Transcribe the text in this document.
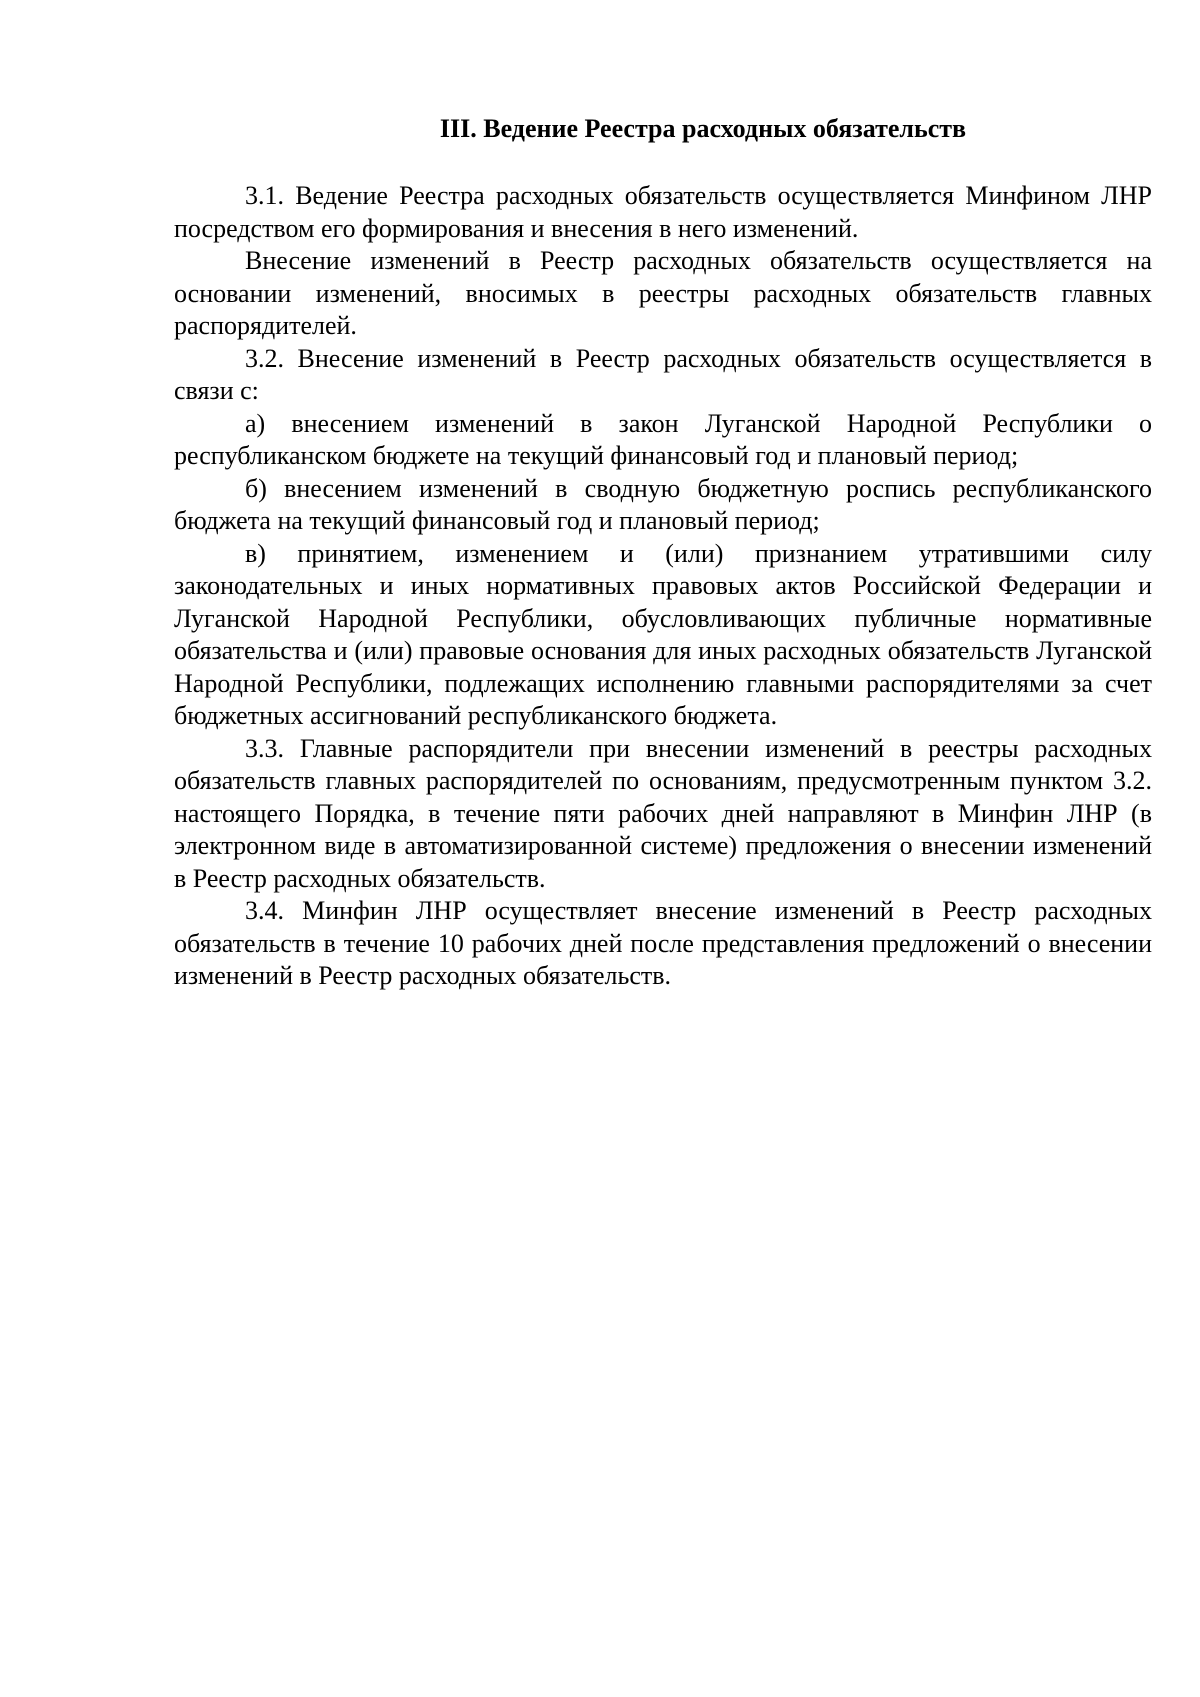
III. Ведение Реестра расходных обязательств

3.1. Ведение Реестра расходных обязательств осуществляется Минфином ЛНР посредством его формирования и внесения в него изменений.

Внесение изменений в Реестр расходных обязательств осуществляется на основании изменений, вносимых в реестры расходных обязательств главных распорядителей.

3.2. Внесение изменений в Реестр расходных обязательств осуществляется в связи с:

а) внесением изменений в закон Луганской Народной Республики о республиканском бюджете на текущий финансовый год и плановый период;

б) внесением изменений в сводную бюджетную роспись республиканского бюджета на текущий финансовый год и плановый период;

в) принятием, изменением и (или) признанием утратившими силу законодательных и иных нормативных правовых актов Российской Федерации и Луганской Народной Республики, обусловливающих публичные нормативные обязательства и (или) правовые основания для иных расходных обязательств Луганской Народной Республики, подлежащих исполнению главными распорядителями за счет бюджетных ассигнований республиканского бюджета.

3.3. Главные распорядители при внесении изменений в реестры расходных обязательств главных распорядителей по основаниям, предусмотренным пунктом 3.2. настоящего Порядка, в течение пяти рабочих дней направляют в Минфин ЛНР (в электронном виде в автоматизированной системе) предложения о внесении изменений в Реестр расходных обязательств.

3.4. Минфин ЛНР осуществляет внесение изменений в Реестр расходных обязательств в течение 10 рабочих дней после представления предложений о внесении изменений в Реестр расходных обязательств.
